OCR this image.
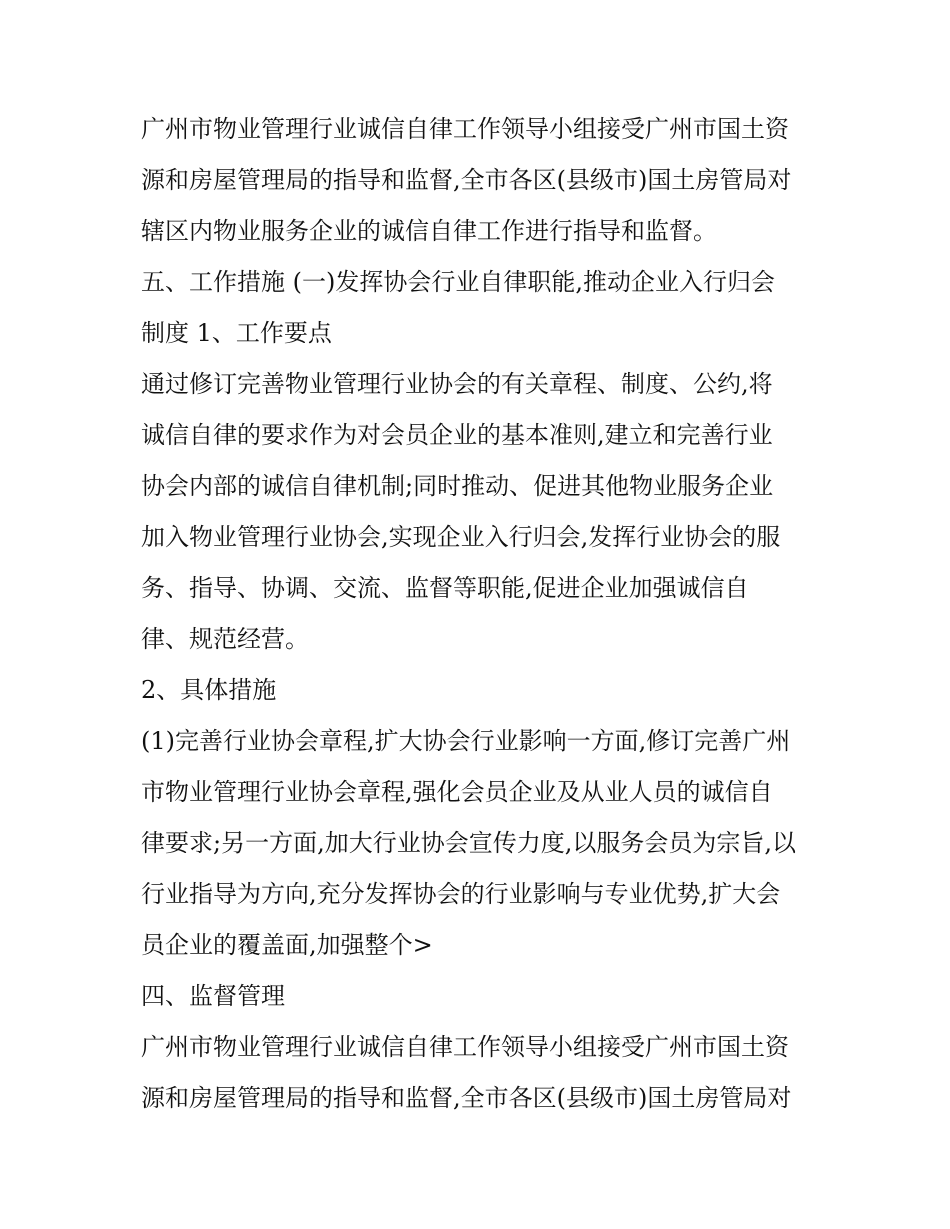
广州市物业管理行业诚信自律工作领导小组接受广州市国土资
源和房屋管理局的指导和监督,全市各区(县级市)国土房管局对
辖区内物业服务企业的诚信自律工作进行指导和监督。
五、工作措施 (一)发挥协会行业自律职能,推动企业入行归会
制度 1、工作要点
通过修订完善物业管理行业协会的有关章程、制度、公约,将
诚信自律的要求作为对会员企业的基本准则,建立和完善行业
协会内部的诚信自律机制;同时推动、促进其他物业服务企业
加入物业管理行业协会,实现企业入行归会,发挥行业协会的服
务、指导、协调、交流、监督等职能,促进企业加强诚信自
律、规范经营。
2、具体措施
(1)完善行业协会章程,扩大协会行业影响一方面,修订完善广州
市物业管理行业协会章程,强化会员企业及从业人员的诚信自
律要求;另一方面,加大行业协会宣传力度,以服务会员为宗旨,以
行业指导为方向,充分发挥协会的行业影响与专业优势,扩大会
员企业的覆盖面,加强整个>
四、监督管理
广州市物业管理行业诚信自律工作领导小组接受广州市国土资
源和房屋管理局的指导和监督,全市各区(县级市)国土房管局对
